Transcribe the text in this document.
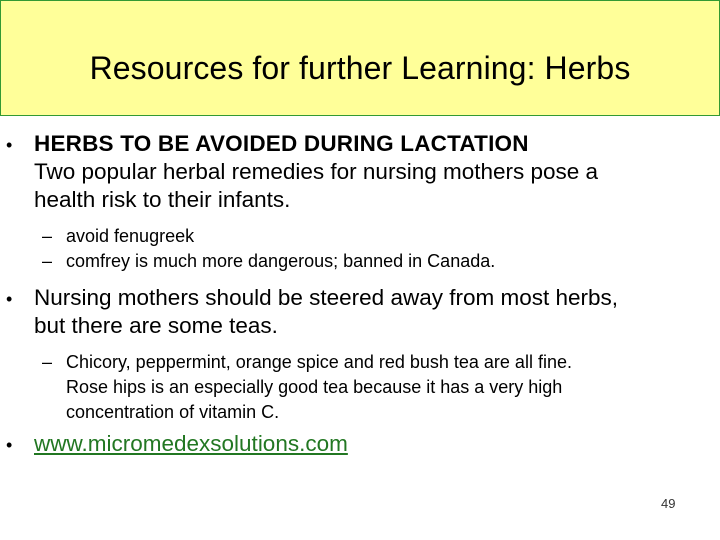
Resources for further Learning: Herbs
• HERBS TO BE AVOIDED DURING LACTATION
Two popular herbal remedies for nursing mothers pose a
health risk to their infants.
– avoid fenugreek
– comfrey is much more dangerous; banned in Canada.
• Nursing mothers should be steered away from most herbs,
but there are some teas.
– Chicory, peppermint, orange spice and red bush tea are all fine.
Rose hips is an especially good tea because it has a very high
concentration of vitamin C.
• www.micromedexsolutions.com
49
